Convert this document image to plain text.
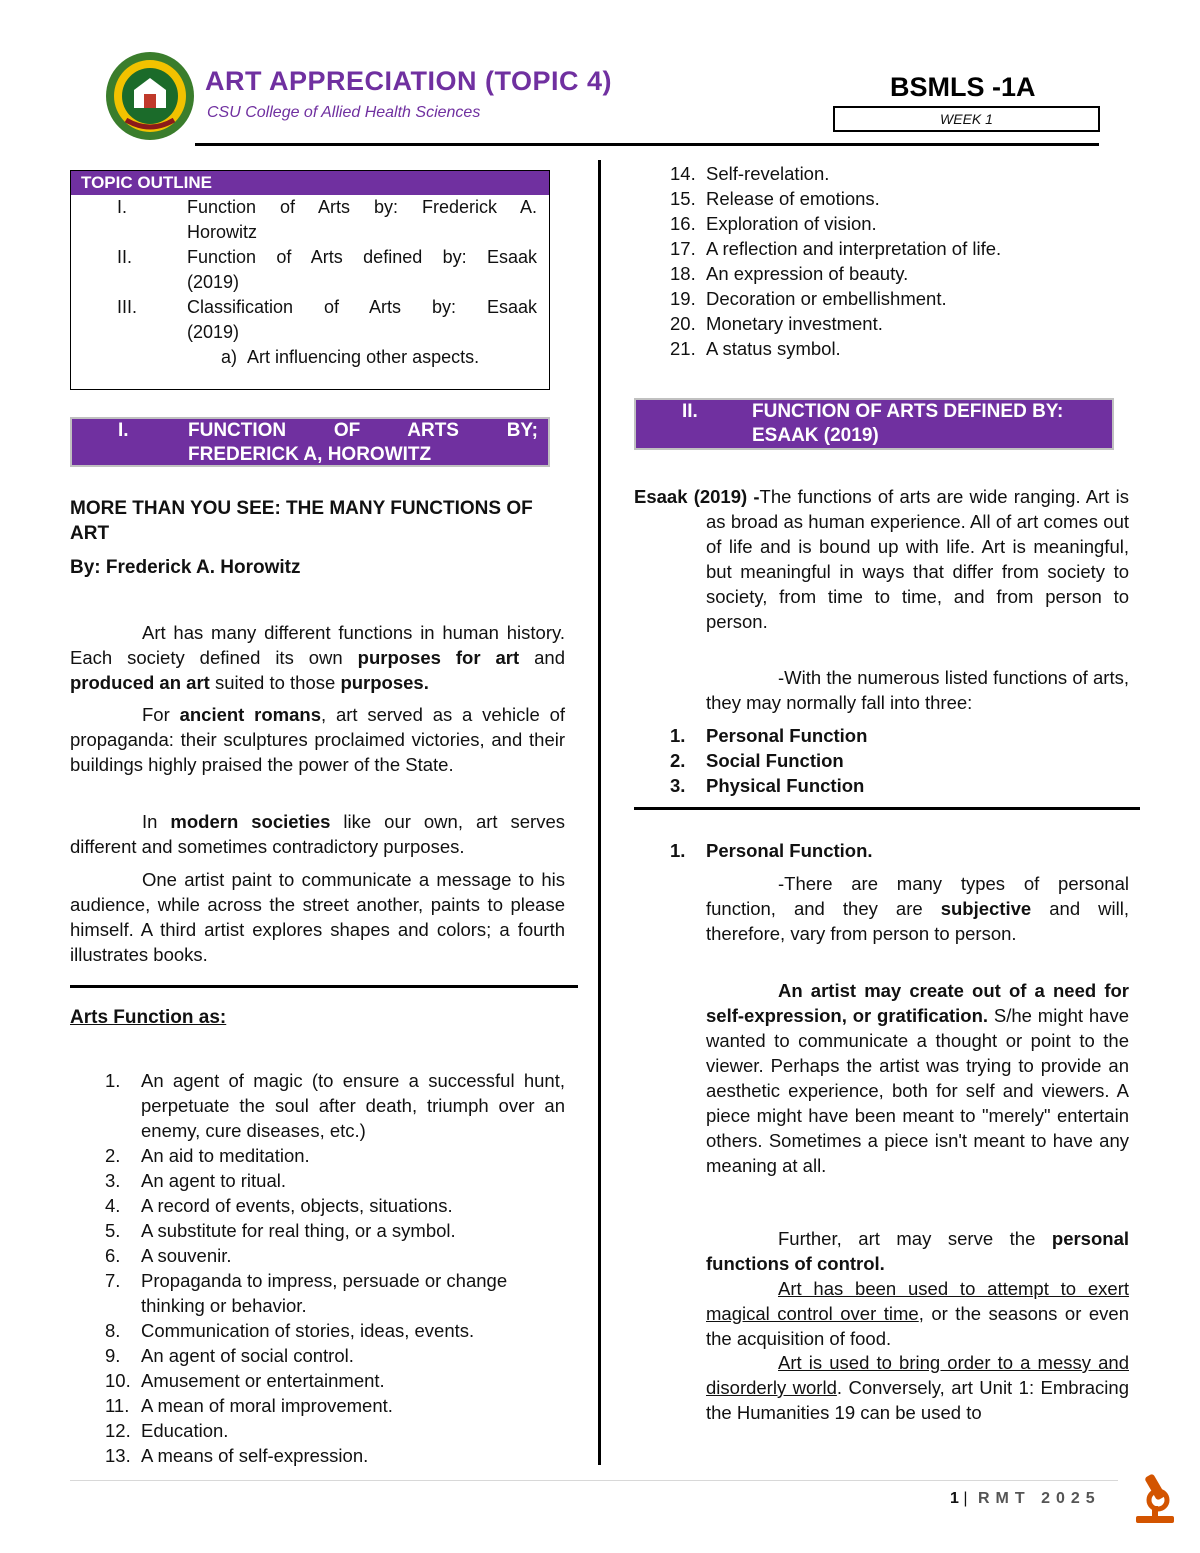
ART APPRECIATION (TOPIC 4)
CSU College of Allied Health Sciences
BSMLS -1A
WEEK 1
TOPIC OUTLINE
I.	Function of Arts by: Frederick A.
Horowitz
II.	Function of Arts defined by: Esaak
(2019)
III.	Classification of Arts by: Esaak
(2019)
a)  Art influencing other aspects.
I.	FUNCTION OF ARTS BY;
FREDERICK A, HOROWITZ
MORE THAN YOU SEE: THE MANY FUNCTIONS OF ART
By: Frederick A. Horowitz
Art has many different functions in human history. Each society defined its own purposes for art and produced an art suited to those purposes.
For ancient romans, art served as a vehicle of propaganda: their sculptures proclaimed victories, and their buildings highly praised the power of the State.
In modern societies like our own, art serves different and sometimes contradictory purposes.
One artist paint to communicate a message to his audience, while across the street another, paints to please himself. A third artist explores shapes and colors; a fourth illustrates books.
Arts Function as:
1. An agent of magic (to ensure a successful hunt, perpetuate the soul after death, triumph over an enemy, cure diseases, etc.)
2. An aid to meditation.
3. An agent to ritual.
4. A record of events, objects, situations.
5. A substitute for real thing, or a symbol.
6. A souvenir.
7. Propaganda to impress, persuade or change thinking or behavior.
8. Communication of stories, ideas, events.
9. An agent of social control.
10. Amusement or entertainment.
11. A mean of moral improvement.
12. Education.
13. A means of self-expression.
14. Self-revelation.
15. Release of emotions.
16. Exploration of vision.
17. A reflection and interpretation of life.
18. An expression of beauty.
19. Decoration or embellishment.
20. Monetary investment.
21. A status symbol.
II.	FUNCTION OF ARTS DEFINED BY:
ESAAK (2019)
Esaak (2019) -The functions of arts are wide ranging. Art is as broad as human experience. All of art comes out of life and is bound up with life. Art is meaningful, but meaningful in ways that differ from society to society, from time to time, and from person to person.
-With the numerous listed functions of arts, they may normally fall into three:
1. Personal Function
2. Social Function
3. Physical Function
1. Personal Function.
-There are many types of personal function, and they are subjective and will, therefore, vary from person to person.
An artist may create out of a need for self-expression, or gratification. S/he might have wanted to communicate a thought or point to the viewer. Perhaps the artist was trying to provide an aesthetic experience, both for self and viewers. A piece might have been meant to "merely" entertain others. Sometimes a piece isn't meant to have any meaning at all.
Further, art may serve the personal functions of control.
Art has been used to attempt to exert magical control over time, or the seasons or even the acquisition of food.
Art is used to bring order to a messy and disorderly world. Conversely, art Unit 1: Embracing the Humanities 19 can be used to
1 | RMT 2025
